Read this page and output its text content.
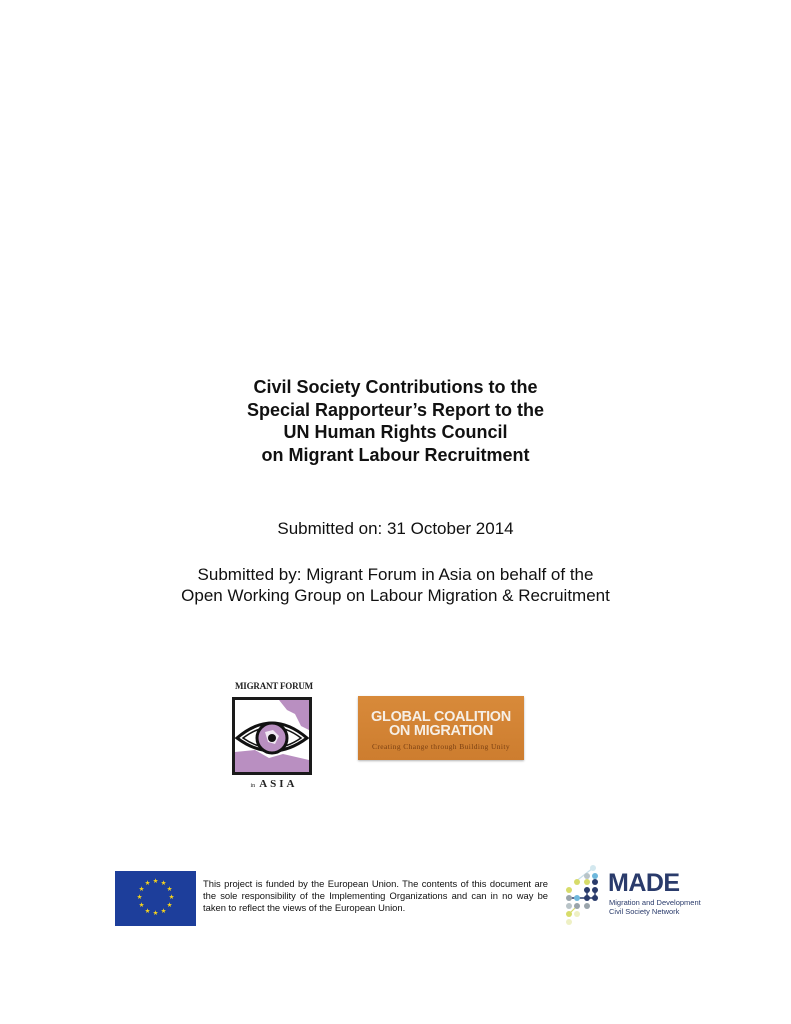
Civil Society Contributions to the
Special Rapporteur’s Report to the
UN Human Rights Council
on Migrant Labour Recruitment
Submitted on: 31 October 2014
Submitted by: Migrant Forum in Asia on behalf of the
Open Working Group on Labour Migration & Recruitment
MIGRANT FORUM
in ASIA
GLOBAL COALITION
ON MIGRATION
Creating Change through Building Unity
★ ★
★
★
★
★
★
★
★
★
★
★	This project is funded by the European Union. The contents of this document are the sole responsibility of the Implementing Organizations and can in no way be taken to reflect the views of the European Union.
MADE
Migration and Development
Civil Society Network
